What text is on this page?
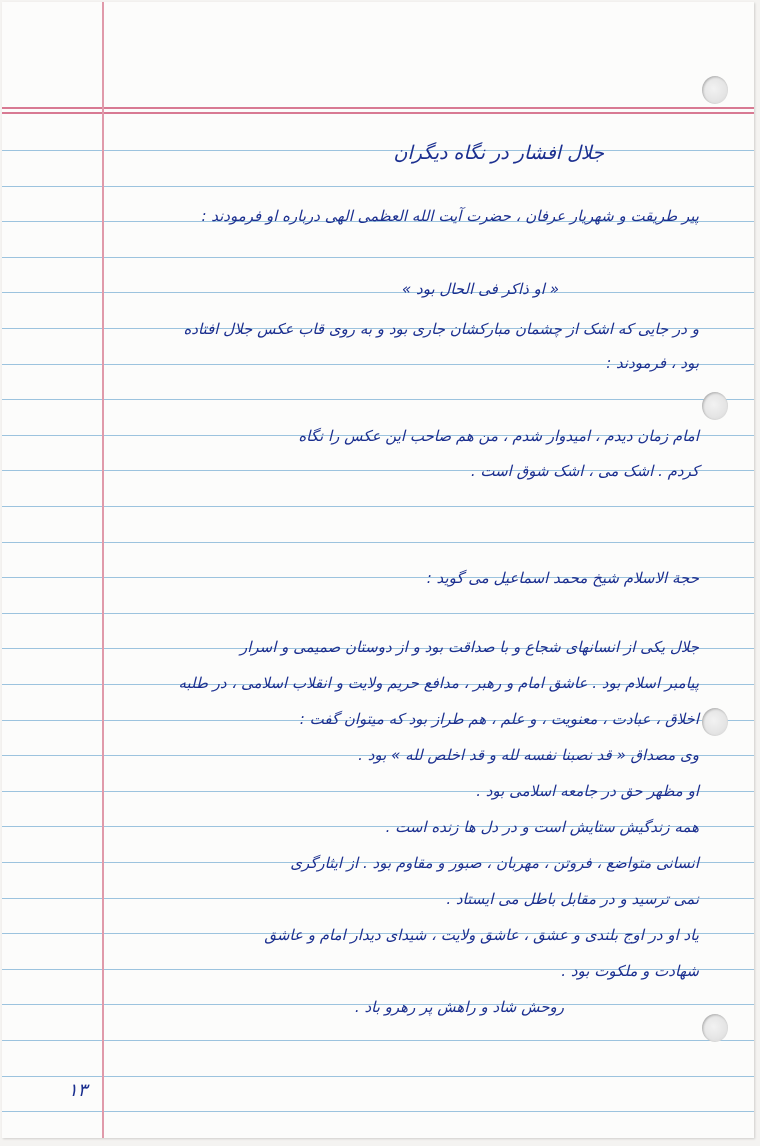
جلال افشار در نگاه دیگران

پیر طریقت و شهریار عرفان ، حضرت آیت الله العظمی الهی درباره او فرمودند :

« او ذاکر فی الحال بود »

و در جایی که اشک از چشمان مبارکشان جاری بود و به روی قاب عکس جلال افتاده

بود ، فرمودند :

امام زمان دیدم ، امیدوار شدم ، من هم صاحب این عکس را نگاه

کردم . اشک می ، اشک شوق است .

حجة الاسلام شیخ محمد اسماعیل می گوید :

جلال یکی از انسانهای شجاع و با صداقت بود و از دوستان صمیمی و اسرار

پیامبر اسلام بود . عاشق امام و رهبر ، مدافع حریم ولایت و انقلاب اسلامی ، در طلبه

اخلاق ، عبادت ، معنویت ، و علم ، هم طراز بود که میتوان گفت :

وی مصداق « قد نصبنا نفسه لله و قد اخلص لله » بود .

او مظهر حق در جامعه اسلامی بود .

همه زندگیش ستایش است و در دل ها زنده است .

انسانی متواضع ، فروتن ، مهربان ، صبور و مقاوم بود . از ایثارگری

نمی ترسید و در مقابل باطل می ایستاد .

یاد او در اوج بلندی و عشق ، عاشق ولایت ، شیدای دیدار امام و عاشق

شهادت و ملکوت بود .

روحش شاد و راهش پر رهرو باد .

۱۳
